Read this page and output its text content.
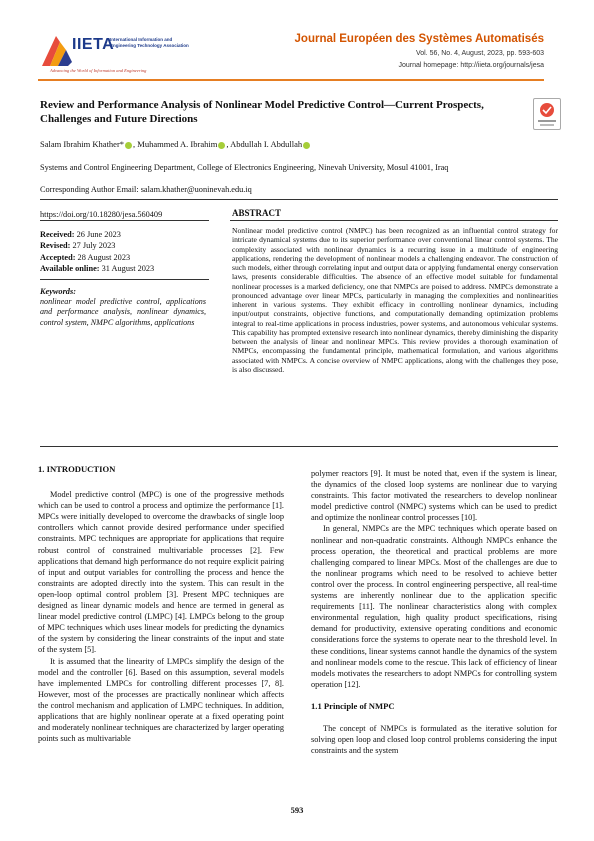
IIETA
International Information and Engineering Technology Association
Advancing the World of Information and Engineering
Journal Européen des Systèmes Automatisés
Vol. 56, No. 4, August, 2023, pp. 593-603
Journal homepage: http://iieta.org/journals/jesa
Review and Performance Analysis of Nonlinear Model Predictive Control—Current Prospects, Challenges and Future Directions
Salam Ibrahim Khather* , Muhammed A. Ibrahim , Abdullah I. Abdullah
Systems and Control Engineering Department, College of Electronics Engineering, Ninevah University, Mosul 41001, Iraq
Corresponding Author Email: salam.khather@uoninevah.edu.iq
https://doi.org/10.18280/jesa.560409	ABSTRACT
Received: 26 June 2023
Revised: 27 July 2023
Accepted: 28 August 2023
Available online: 31 August 2023
Keywords:
nonlinear model predictive control, applications and performance analysis, nonlinear dynamics, control system, NMPC algorithms, applications
Nonlinear model predictive control (NMPC) has been recognized as an influential control strategy for intricate dynamical systems due to its superior performance over conventional linear control systems. The complexity associated with nonlinear dynamics is a recurring issue in a multitude of engineering applications, rendering the development of nonlinear models a challenging endeavor. The construction of such models, either through correlating input and output data or applying fundamental energy conservation laws, presents considerable difficulties. The absence of an effective model suitable for fundamental nonlinear processes is a marked deficiency, one that NMPCs are poised to address. NMPCs demonstrate a pronounced advantage over linear MPCs, particularly in managing the complexities and nonlinearities inherent in various systems. They exhibit efficacy in controlling nonlinear dynamics, including input/output constraints, objective functions, and computationally demanding optimization problems integral to real-time applications in process industries, power systems, and autonomous vehicular systems. This capability has prompted extensive research into nonlinear dynamics, thereby diminishing the disparity between the analysis of linear and nonlinear MPCs. This review provides a thorough examination of NMPCs, encompassing the fundamental principle, mathematical formulation, and various algorithms associated with NMPCs. A concise overview of NMPC applications, along with the challenges they pose, is also discussed.
1. INTRODUCTION

Model predictive control (MPC) is one of the progressive methods which can be used to control a process and optimize the performance [1]. MPCs were initially developed to overcome the drawbacks of single loop controllers which cannot provide desired performance under specified constraints. MPC techniques are appropriate for applications that require robust control of constrained multivariable processes [2]. Few applications that demand high performance do not require explicit pairing of input and output variables for controlling the process and hence the constraints are adopted directly into the system. This can result in the open-loop optimal control problem [3]. Present MPC techniques are designed as linear dynamic models and hence are termed in general as linear model predictive control (LMPC) [4]. LMPCs belong to the group of MPC techniques which uses linear models for predicting the dynamics of the system by considering the linear constraints of the input and state of the system [5].

It is assumed that the linearity of LMPCs simplify the design of the model and the controller [6]. Based on this assumption, several models have implemented LMPCs for controlling different processes [7, 8]. However, most of the processes are practically nonlinear which affects the control mechanism and application of LMPC techniques. In addition, applications that are highly nonlinear operate at a fixed operating point and moderately nonlinear techniques are characterized by larger operating points such as multivariable

polymer reactors [9]. It must be noted that, even if the system is linear, the dynamics of the closed loop systems are nonlinear due to varying constraints. This factor motivated the researchers to develop nonlinear model predictive control (NMPC) systems which can be used to predict and optimize the nonlinear control processes [10].

In general, NMPCs are the MPC techniques which operate based on nonlinear and non-quadratic constraints. Although NMPCs enhance the process operation, the theoretical and practical problems are more challenging compared to linear MPCs. Most of the challenges are due to the nonlinear programs which need to be resolved to achieve better control over the process. In control engineering perspective, all real-time systems are inherently nonlinear due to the application specific requirements [11]. The nonlinear characteristics along with complex environmental regulation, high quality product specifications, rising demand for productivity, extensive operating conditions and economic considerations force the systems to operate near to the threshold level. In these conditions, linear systems cannot handle the dynamics of the system and nonlinear models come to the rescue. This lack of efficiency of linear models motivates the researchers to adopt NMPCs for controlling system operation [12].

1.1 Principle of NMPC

The concept of NMPCs is formulated as the iterative solution for solving open loop and closed loop control problems considering the input constraints and the system

593
